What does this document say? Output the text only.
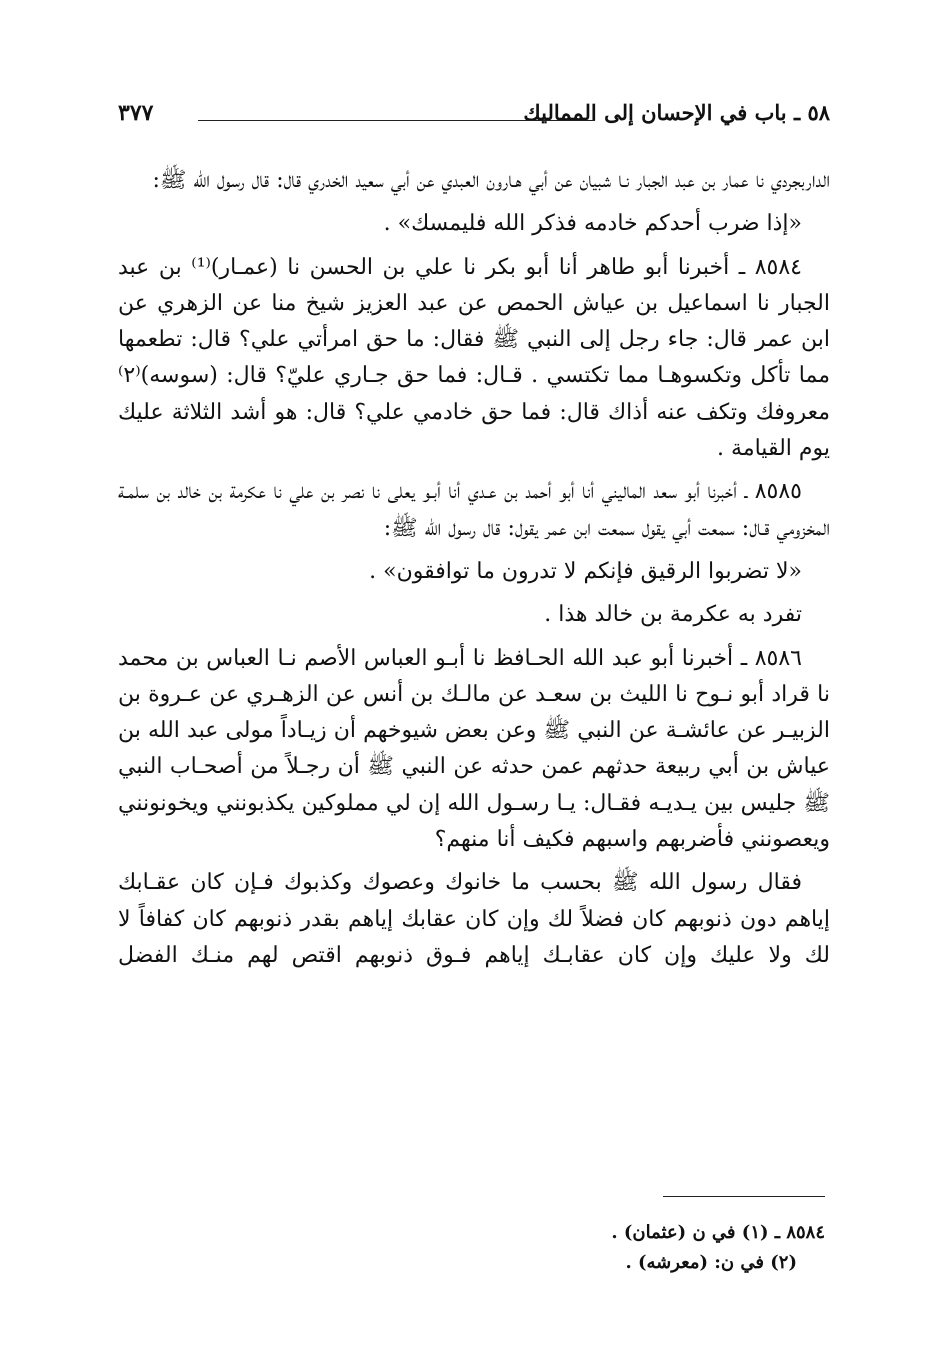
٥٨ ـ باب في الإحسان إلى المماليك
٣٧٧

الداربجردي نا عمار بن عبد الجبار نـا شبيان عن أبي هـارون العبدي عن أبي سعيد الخدري قال: قال رسول الله ﷺ:

«إذا ضرب أحدكم خادمه فذكر الله فليمسك» .

٨٥٨٤ ـ أخبرنا أبو طاهر أنا أبو بكر نا علي بن الحسن نا (عمـار)⁽¹⁾ بن عبد الجبار نا اسماعيل بن عياش الحمص عن عبد العزيز شيخ منا عن الزهري عن ابن عمر قال: جاء رجل إلى النبي ﷺ فقال: ما حق امرأتي علي؟ قال: تطعمها مما تأكل وتكسوهـا مما تكتسي . قـال: فما حق جـاري عليّ؟ قال: (سوسه)⁽٢⁾ معروفك وتكف عنه أذاك قال: فما حق خادمي علي؟ قال: هو أشد الثلاثة عليك يوم القيامة .

٨٥٨٥ ـ أخبرنا أبو سعد الماليني أنا أبو أحمد بن عـدي أنا أبـو يعلى نا نصر بن علي نا عكرمة بن خالد بن سلمـة المخزومي قـال: سمعت أبي يقول سمعت ابن عمر يقول: قال رسول الله ﷺ:

«لا تضربوا الرقيق فإنكم لا تدرون ما توافقون» .

تفرد به عكرمة بن خالد هذا .

٨٥٨٦ ـ أخبرنا أبو عبد الله الحـافظ نا أبـو العباس الأصم نـا العباس بن محمد نا قراد أبو نـوح نا الليث بن سعـد عن مالـك بن أنس عن الزهـري عن عـروة بن الزبيـر عن عائشـة عن النبي ﷺ وعن بعض شيوخهم أن زيـاداً مولى عبد الله بن عياش بن أبي ربيعة حدثهم عمن حدثه عن النبي ﷺ أن رجـلاً من أصحـاب النبي ﷺ جليس بين يـديـه فقـال: يـا رسـول الله إن لي مملوكين يكذبونني ويخونونني ويعصونني فأضربهم واسبهم فكيف أنا منهم؟

فقال رسول الله ﷺ بحسب ما خانوك وعصوك وكذبوك فـإن كان عقـابك إياهم دون ذنوبهم كان فضلاً لك وإن كان عقابك إياهم بقدر ذنوبهم كان كفافاً لا لك ولا عليك وإن كان عقابـك إياهم فـوق ذنوبهم اقتص لهم منـك الفضل

٨٥٨٤ ـ (١) في ن (عثمان) .
(٢) في ن: (معرشه) .
